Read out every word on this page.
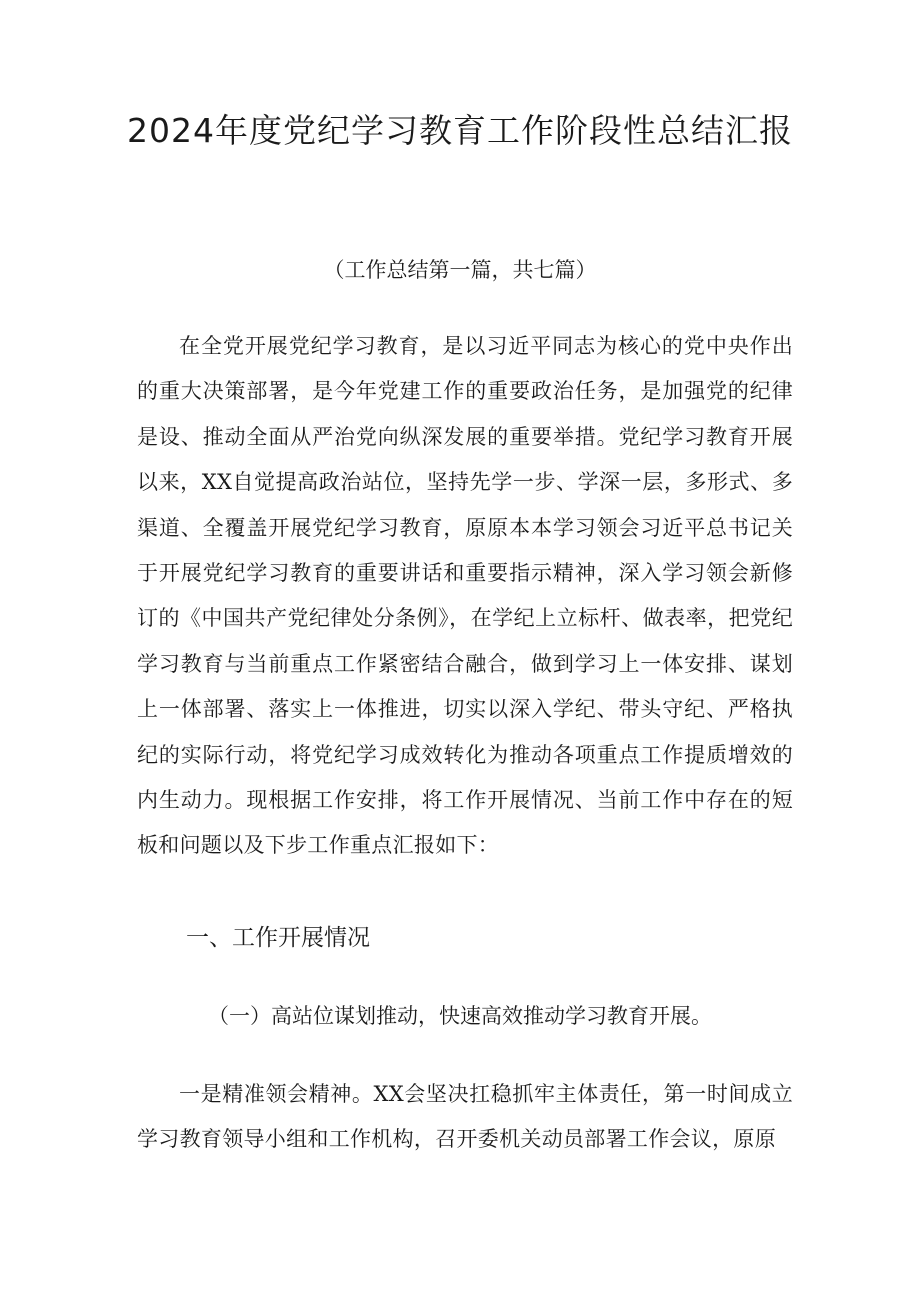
2024年度党纪学习教育工作阶段性总结汇报

（工作总结第一篇，共七篇）

在全党开展党纪学习教育，是以习近平同志为核心的党中央作出的重大决策部署，是今年党建工作的重要政治任务，是加强党的纪律是设、推动全面从严治党向纵深发展的重要举措。党纪学习教育开展以来，XX自觉提高政治站位，坚持先学一步、学深一层，多形式、多渠道、全覆盖开展党纪学习教育，原原本本学习领会习近平总书记关于开展党纪学习教育的重要讲话和重要指示精神，深入学习领会新修订的《中国共产党纪律处分条例》，在学纪上立标杆、做表率，把党纪学习教育与当前重点工作紧密结合融合，做到学习上一体安排、谋划上一体部署、落实上一体推进，切实以深入学纪、带头守纪、严格执纪的实际行动，将党纪学习成效转化为推动各项重点工作提质增效的内生动力。现根据工作安排，将工作开展情况、当前工作中存在的短板和问题以及下步工作重点汇报如下：

一、工作开展情况

（一）高站位谋划推动，快速高效推动学习教育开展。

一是精准领会精神。XX会坚决扛稳抓牢主体责任，第一时间成立学习教育领导小组和工作机构，召开委机关动员部署工作会议，原原
